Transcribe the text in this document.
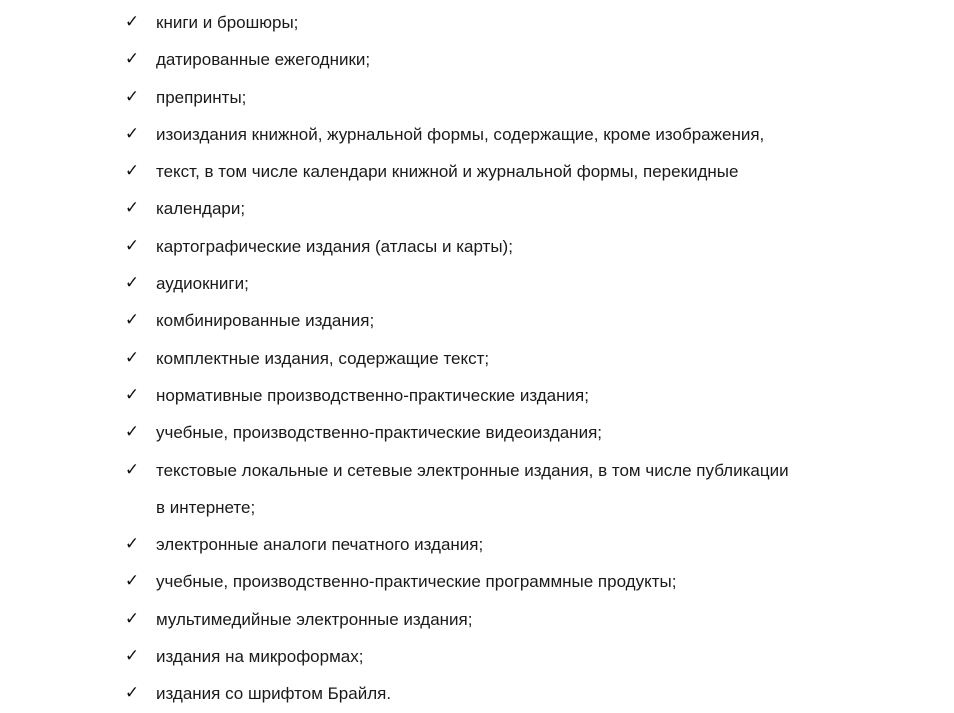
✓ книги и брошюры;
✓ датированные ежегодники;
✓ препринты;
✓ изоиздания книжной, журнальной формы, содержащие, кроме изображения,
✓ текст, в том числе календари книжной и журнальной формы, перекидные
✓ календари;
✓ картографические издания (атласы и карты);
✓ аудиокниги;
✓ комбинированные издания;
✓ комплектные издания, содержащие текст;
✓ нормативные производственно-практические издания;
✓ учебные, производственно-практические видеоиздания;
✓ текстовые локальные и сетевые электронные издания, в том числе публикации
в интернете;
✓ электронные аналоги печатного издания;
✓ учебные, производственно-практические программные продукты;
✓ мультимедийные электронные издания;
✓ издания на микроформах;
✓ издания со шрифтом Брайля.
